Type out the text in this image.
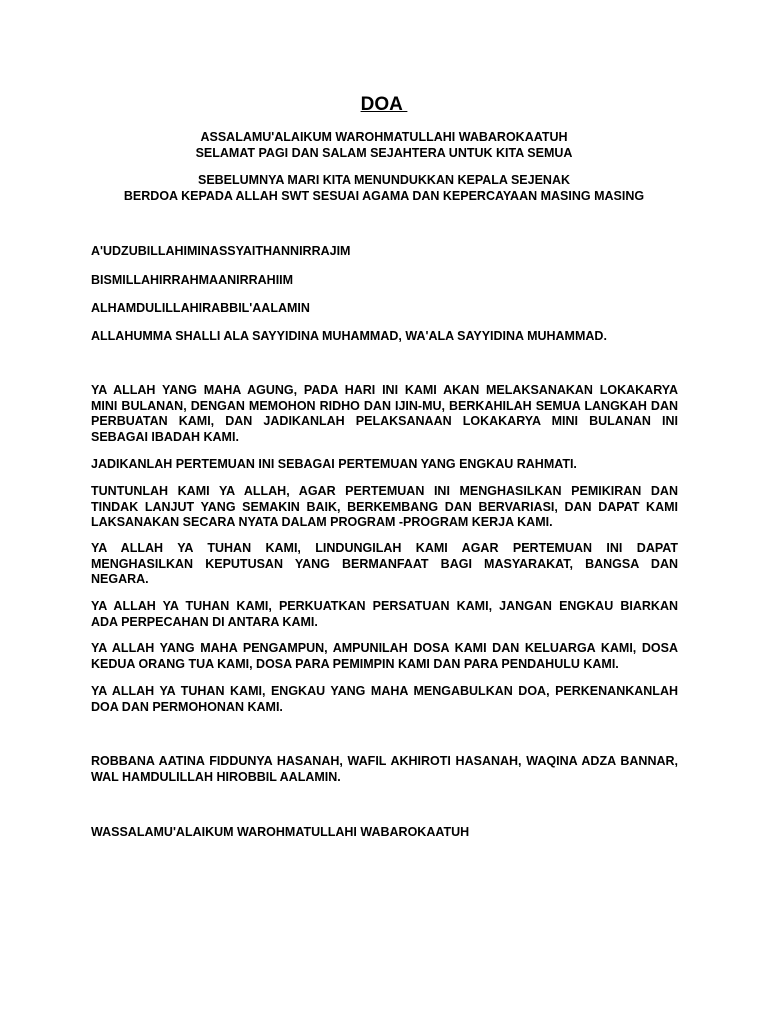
DOA
ASSALAMU'ALAIKUM WAROHMATULLAHI WABAROKAATUH
SELAMAT PAGI DAN SALAM SEJAHTERA UNTUK KITA SEMUA
SEBELUMNYA MARI KITA MENUNDUKKAN KEPALA SEJENAK
BERDOA KEPADA ALLAH SWT SESUAI AGAMA DAN KEPERCAYAAN MASING MASING
A'UDZUBILLAHIMINASSYAITHANNIRRAJIM
BISMILLAHIRRAHMAANIRRAHIIM
ALHAMDULILLAHIRABBIL'AALAMIN
ALLAHUMMA SHALLI ALA SAYYIDINA MUHAMMAD, WA'ALA SAYYIDINA MUHAMMAD.
YA ALLAH YANG MAHA AGUNG, PADA HARI INI KAMI AKAN MELAKSANAKAN LOKAKARYA
MINI BULANAN, DENGAN MEMOHON RIDHO DAN IJIN-MU, BERKAHILAH SEMUA LANGKAH DAN
PERBUATAN KAMI, DAN JADIKANLAH PELAKSANAAN LOKAKARYA MINI BULANAN INI
SEBAGAI IBADAH KAMI.
JADIKANLAH PERTEMUAN INI SEBAGAI PERTEMUAN YANG ENGKAU RAHMATI.
TUNTUNLAH KAMI YA ALLAH, AGAR PERTEMUAN INI MENGHASILKAN PEMIKIRAN DAN
TINDAK LANJUT YANG SEMAKIN BAIK, BERKEMBANG DAN BERVARIASI, DAN DAPAT KAMI
LAKSANAKAN SECARA NYATA DALAM PROGRAM -PROGRAM KERJA KAMI.
YA ALLAH YA TUHAN KAMI, LINDUNGILAH KAMI AGAR PERTEMUAN INI DAPAT
MENGHASILKAN KEPUTUSAN YANG BERMANFAAT BAGI MASYARAKAT, BANGSA DAN
NEGARA.
YA ALLAH YA TUHAN KAMI, PERKUATKAN PERSATUAN KAMI, JANGAN ENGKAU BIARKAN
ADA PERPECAHAN DI ANTARA KAMI.
YA ALLAH YANG MAHA PENGAMPUN, AMPUNILAH DOSA KAMI DAN KELUARGA KAMI, DOSA
KEDUA ORANG TUA KAMI, DOSA PARA PEMIMPIN KAMI DAN PARA PENDAHULU KAMI.
YA ALLAH YA TUHAN KAMI, ENGKAU YANG MAHA MENGABULKAN DOA, PERKENANKANLAH
DOA DAN PERMOHONAN KAMI.
ROBBANA AATINA FIDDUNYA HASANAH, WAFIL AKHIROTI HASANAH, WAQINA ADZA BANNAR,
WAL HAMDULILLAH HIROBBIL AALAMIN.
WASSALAMU'ALAIKUM WAROHMATULLAHI WABAROKAATUH
